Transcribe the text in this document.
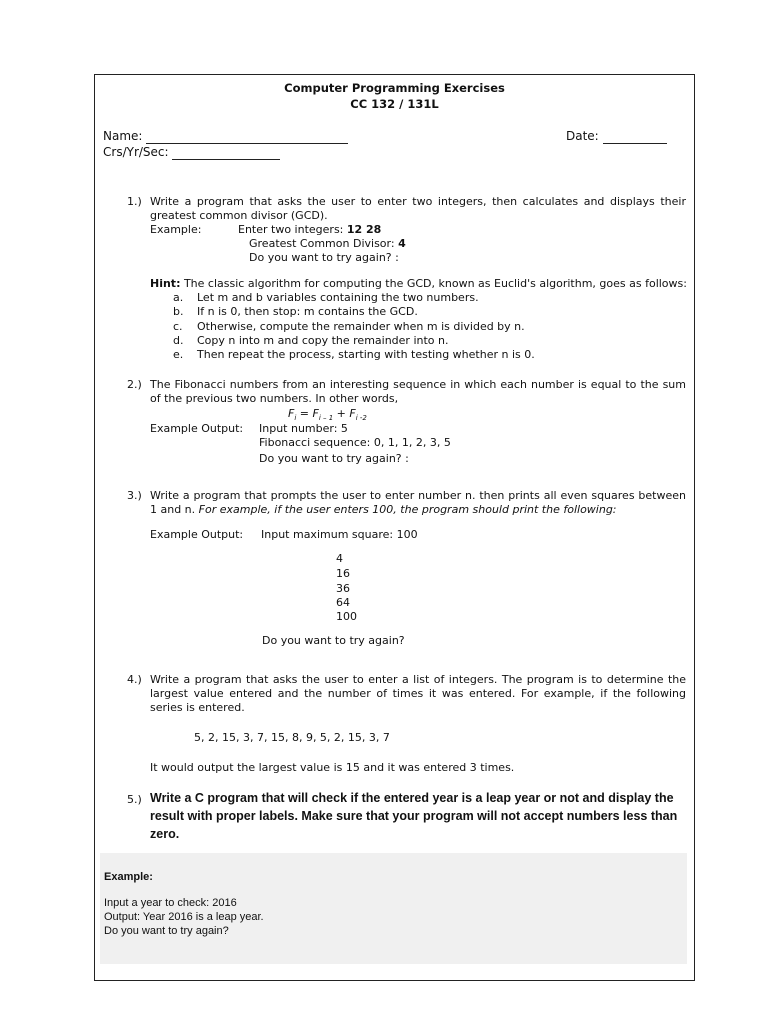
Computer Programming Exercises
CC 132 / 131L
Name:	Date:
Crs/Yr/Sec:
1.) Write a program that asks the user to enter two integers, then calculates and displays their greatest common divisor (GCD).
Example:	Enter two integers: 12 28
Greatest Common Divisor: 4
Do you want to try again? :
Hint: The classic algorithm for computing the GCD, known as Euclid's algorithm, goes as follows:
a. Let m and b variables containing the two numbers.
b. If n is 0, then stop: m contains the GCD.
c. Otherwise, compute the remainder when m is divided by n.
d. Copy n into m and copy the remainder into n.
e. Then repeat the process, starting with testing whether n is 0.
2.) The Fibonacci numbers from an interesting sequence in which each number is equal to the sum of the previous two numbers. In other words,
$F_i = F_{i - 1} + F_{i -2}$
Example Output: Input number: 5
Fibonacci sequence: 0, 1, 1, 2, 3, 5
Do you want to try again? :
3.) Write a program that prompts the user to enter number n. then prints all even squares between 1 and n. For example, if the user enters 100, the program should print the following:
Example Output: Input maximum square: 100
4
16
36
64
100
Do you want to try again?
4.) Write a program that asks the user to enter a list of integers. The program is to determine the largest value entered and the number of times it was entered. For example, if the following series is entered.
5, 2, 15, 3, 7, 15, 8, 9, 5, 2, 15, 3, 7
It would output the largest value is 15 and it was entered 3 times.
5.) Write a C program that will check if the entered year is a leap year or not and display the result with proper labels. Make sure that your program will not accept numbers less than zero.
Example:
Input a year to check: 2016
Output: Year 2016 is a leap year.
Do you want to try again?
